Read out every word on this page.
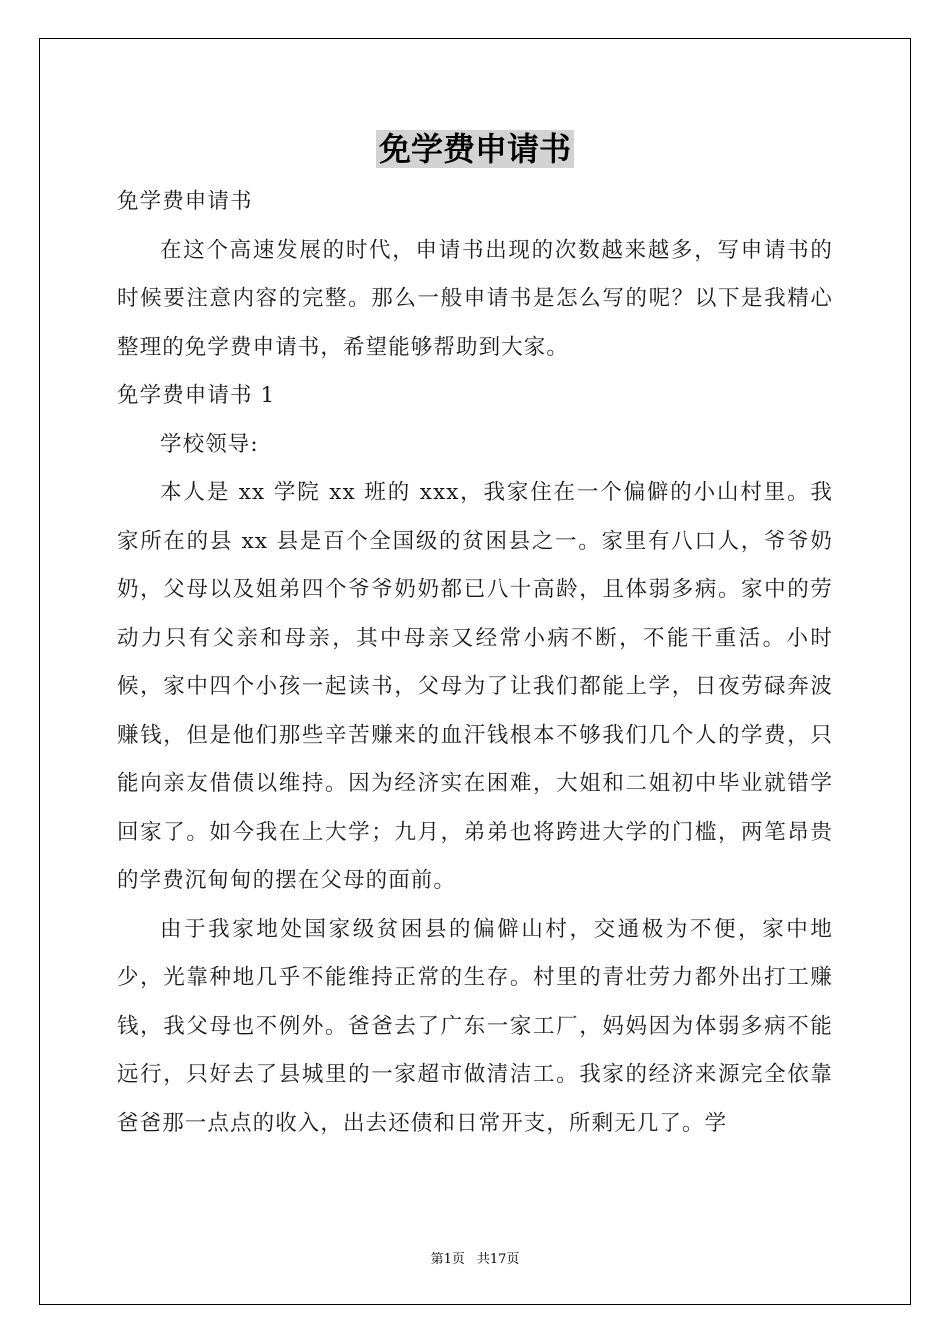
免学费申请书

免学费申请书

在这个高速发展的时代，申请书出现的次数越来越多，写申请书的时候要注意内容的完整。那么一般申请书是怎么写的呢？以下是我精心整理的免学费申请书，希望能够帮助到大家。

免学费申请书 1

学校领导:

本人是 xx 学院 xx 班的 xxx，我家住在一个偏僻的小山村里。我家所在的县 xx 县是百个全国级的贫困县之一。家里有八口人，爷爷奶奶，父母以及姐弟四个爷爷奶奶都已八十高龄，且体弱多病。家中的劳动力只有父亲和母亲，其中母亲又经常小病不断，不能干重活。小时候，家中四个小孩一起读书，父母为了让我们都能上学，日夜劳碌奔波赚钱，但是他们那些辛苦赚来的血汗钱根本不够我们几个人的学费，只能向亲友借债以维持。因为经济实在困难，大姐和二姐初中毕业就错学回家了。如今我在上大学；九月，弟弟也将跨进大学的门槛，两笔昂贵的学费沉甸甸的摆在父母的面前。

由于我家地处国家级贫困县的偏僻山村，交通极为不便，家中地少，光靠种地几乎不能维持正常的生存。村里的青壮劳力都外出打工赚钱，我父母也不例外。爸爸去了广东一家工厂，妈妈因为体弱多病不能远行，只好去了县城里的一家超市做清洁工。我家的经济来源完全依靠爸爸那一点点的收入，出去还债和日常开支，所剩无几了。学

第1页 共17页
